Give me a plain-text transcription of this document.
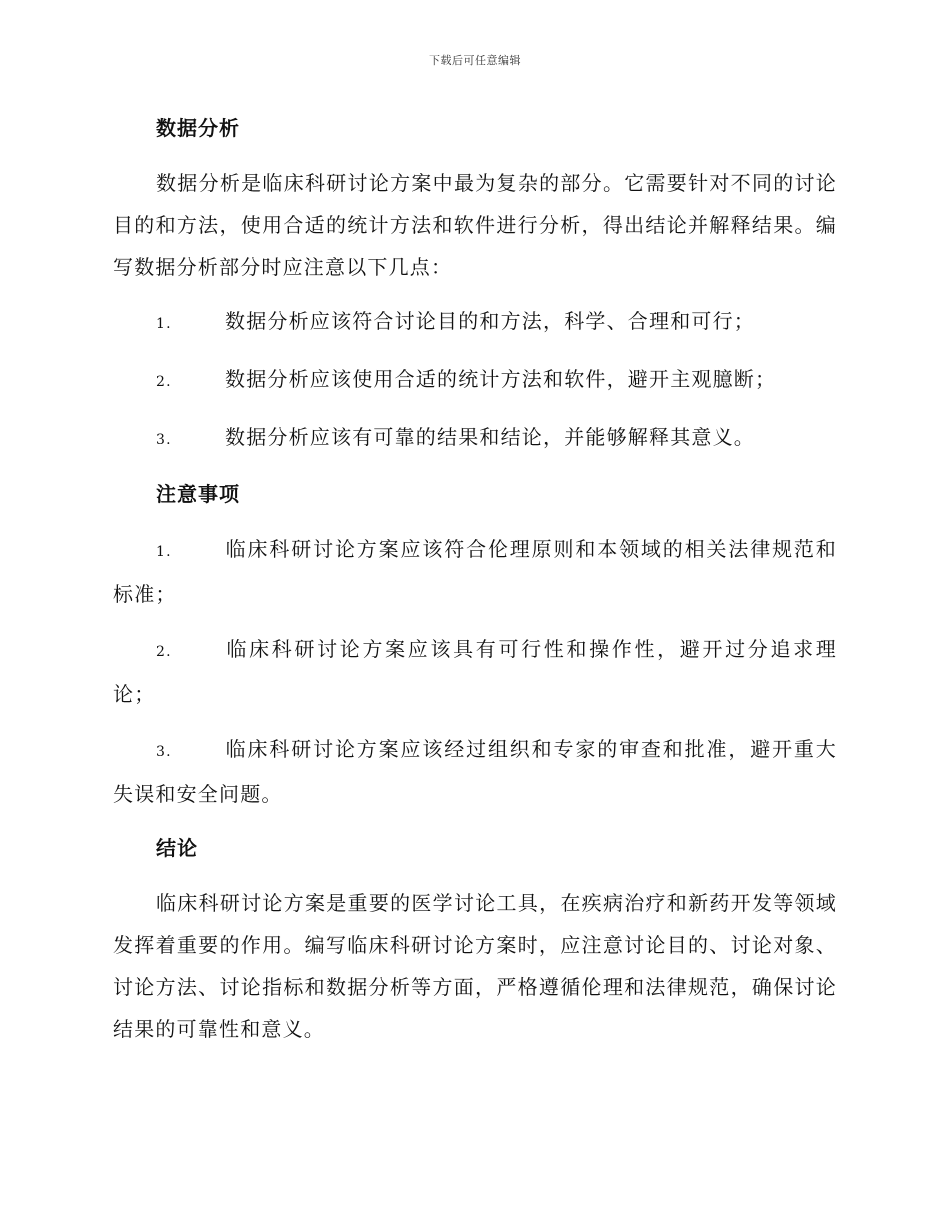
下载后可任意编辑
数据分析

数据分析是临床科研讨论方案中最为复杂的部分。它需要针对不同的讨论目的和方法，使用合适的统计方法和软件进行分析，得出结论并解释结果。编写数据分析部分时应注意以下几点：

1.	数据分析应该符合讨论目的和方法，科学、合理和可行；
2.	数据分析应该使用合适的统计方法和软件，避开主观臆断；
3.	数据分析应该有可靠的结果和结论，并能够解释其意义。
注意事项
1.	临床科研讨论方案应该符合伦理原则和本领域的相关法律规范和标准；
2.	临床科研讨论方案应该具有可行性和操作性，避开过分追求理论；
3.	临床科研讨论方案应该经过组织和专家的审查和批准，避开重大失误和安全问题。
结论

临床科研讨论方案是重要的医学讨论工具，在疾病治疗和新药开发等领域发挥着重要的作用。编写临床科研讨论方案时，应注意讨论目的、讨论对象、讨论方法、讨论指标和数据分析等方面，严格遵循伦理和法律规范，确保讨论结果的可靠性和意义。
